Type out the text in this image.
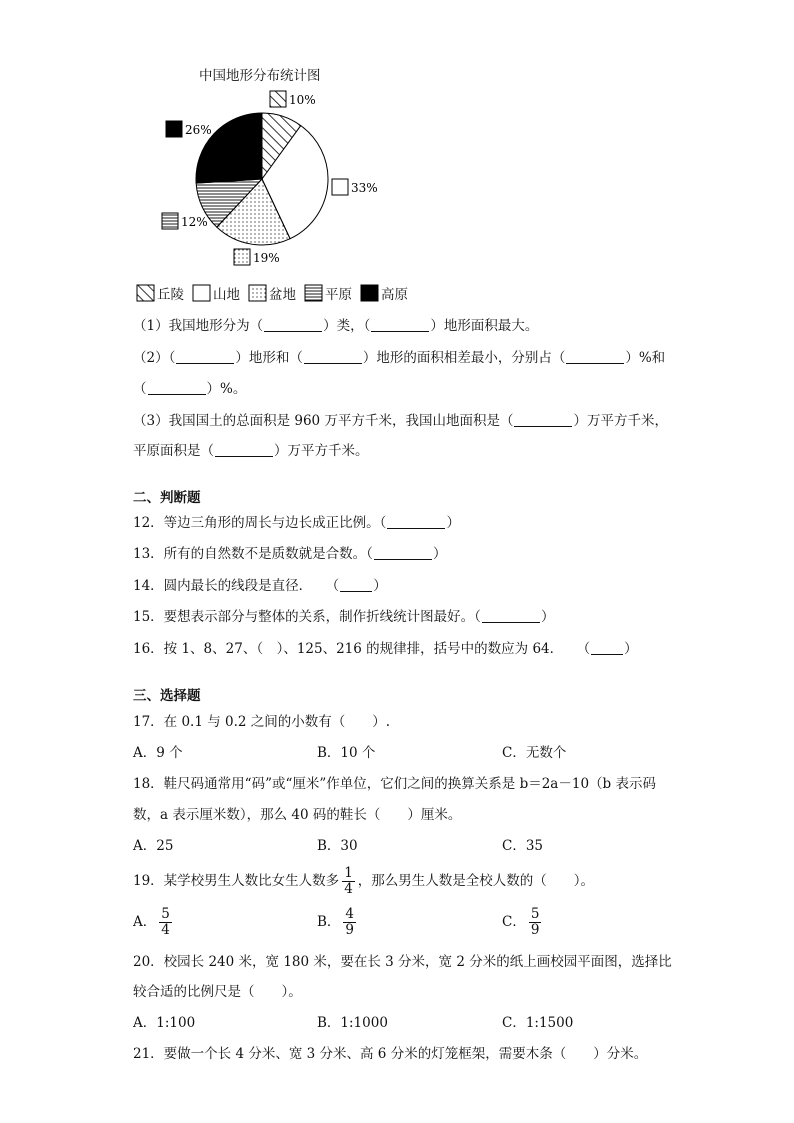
中国地形分布统计图
10%
33%
19%
12%
26%
丘陵 山地 盆地 平原 高原
（1）我国地形分为（	）类，（	）地形面积最大。
（2）（	）地形和（	）地形的面积相差最小，分别占（	）%和
（	）%。
（3）我国国土的总面积是 960 万平方千米，我国山地面积是（	）万平方千米，
平原面积是（	）万平方千米。
二、判断题
12．等边三角形的周长与边长成正比例。（	）
13．所有的自然数不是质数就是合数。（	）
14．圆内最长的线段是直径．　　（	）
15．要想表示部分与整体的关系，制作折线统计图最好。（	）
16．按 1、8、27、（　）、125、216 的规律排，括号中的数应为 64．　　（	）
三、选择题
17．在 0.1 与 0.2 之间的小数有（　　）.
A．9 个	B．10 个	C．无数个
18．鞋尺码通常用“码”或“厘米”作单位，它们之间的换算关系是 b＝2a－10（b 表示码
数，a 表示厘米数），那么 40 码的鞋长（　　）厘米。
A．25	B．30	C．35
19．某学校男生人数比女生人数多 $\frac{1}{4}$ ，那么男生人数是全校人数的（　　）。
A． $\frac{5}{4}$	B． $\frac{4}{9}$	C． $\frac{5}{9}$
20．校园长 240 米，宽 180 米，要在长 3 分米，宽 2 分米的纸上画校园平面图，选择比
较合适的比例尺是（　　）。
A．1:100	B．1:1000	C．1:1500
21．要做一个长 4 分米、宽 3 分米、高 6 分米的灯笼框架，需要木条（　　）分米。
